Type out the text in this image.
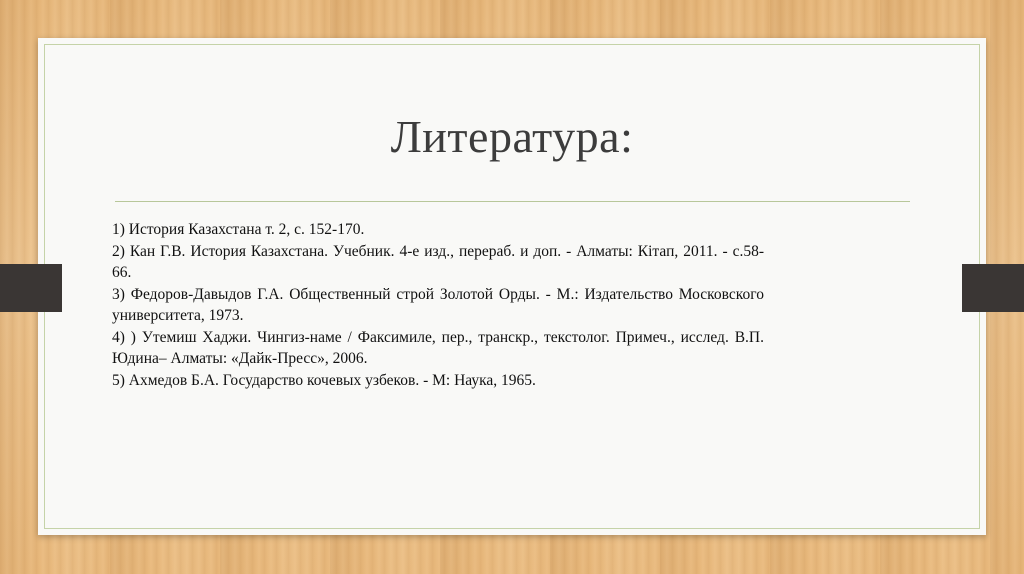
Литература:
1) История Казахстана т. 2, с. 152-170.
2) Кан Г.В. История Казахстана. Учебник. 4-е изд., перераб. и доп. - Алматы: Кітап, 2011. - с.58-66.
3) Федоров-Давыдов Г.А. Общественный строй Золотой Орды. - М.: Издательство Московского университета, 1973.
4) ) Утемиш Хаджи. Чингиз-наме / Факсимиле, пер., транскр., текстолог. Примеч., исслед. В.П. Юдина– Алматы: «Дайк-Пресс», 2006.
5) Ахмедов Б.А. Государство кочевых узбеков. - М: Наука, 1965.
